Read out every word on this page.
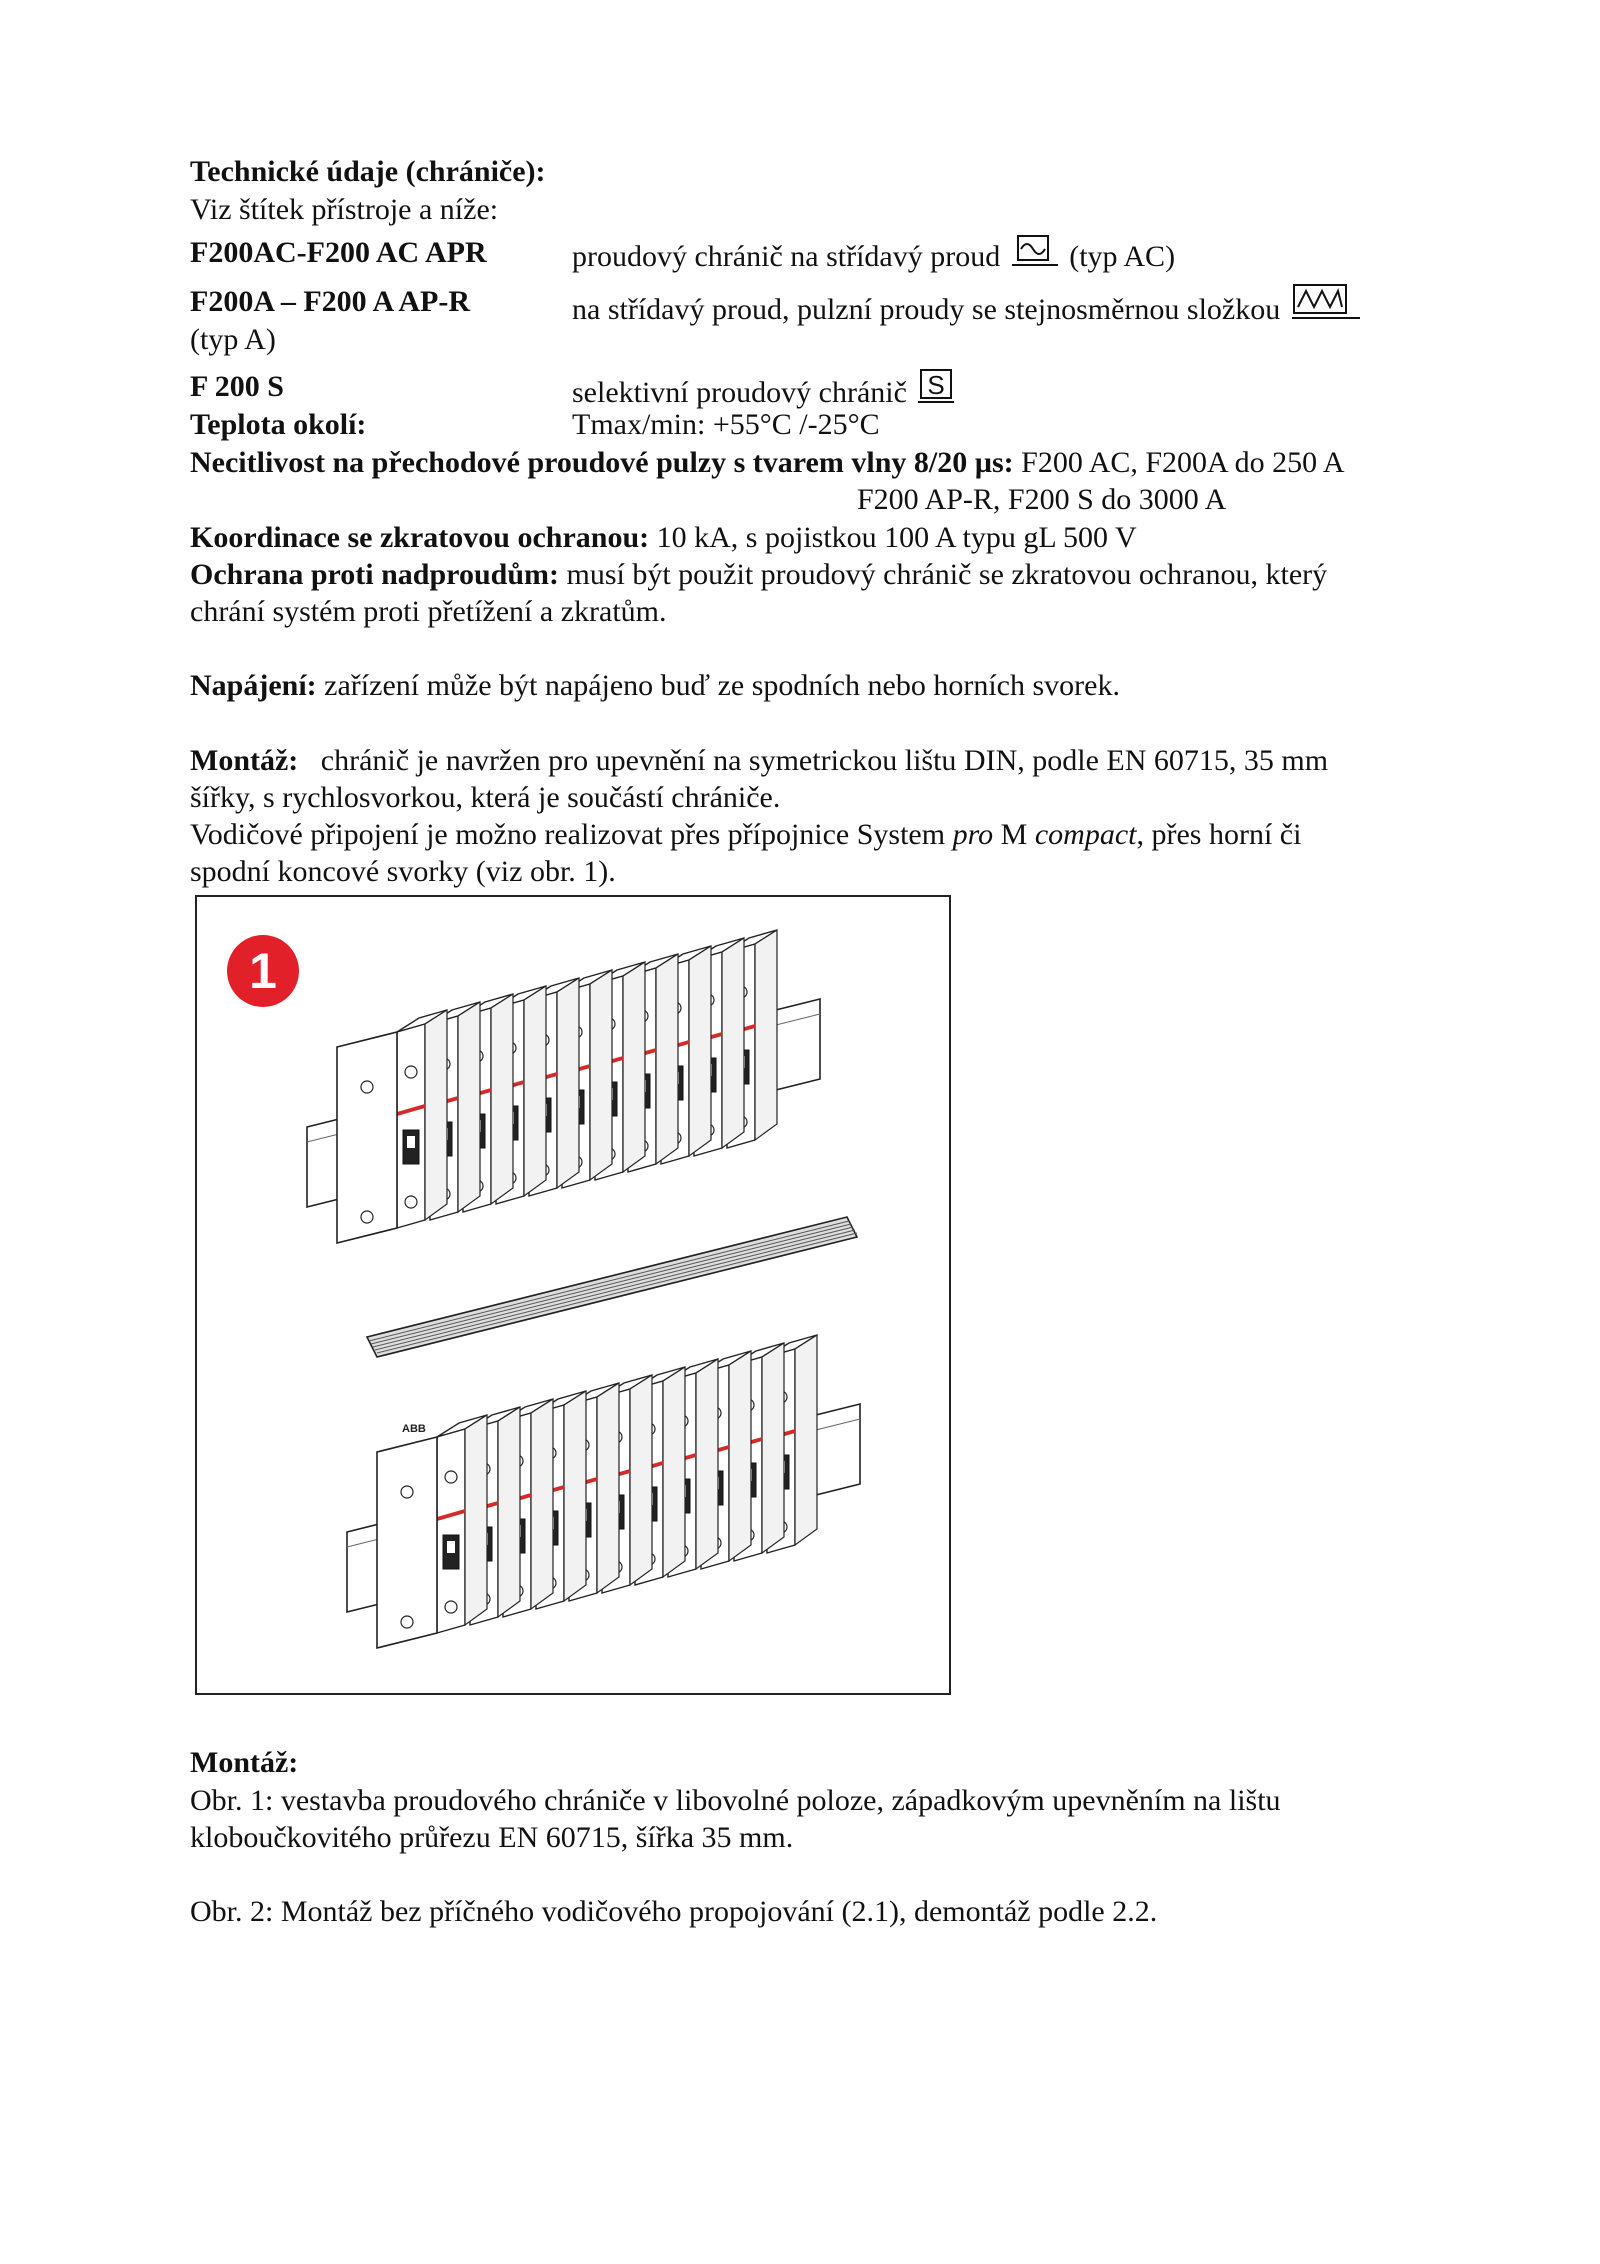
Technické údaje (chrániče):
Viz štítek přístroje a níže:
F200AC-F200 AC APR	proudový chránič na střídavý proud (typ AC)
F200A – F200 A AP-R	na střídavý proud, pulzní proudy se stejnosměrnou složkou
(typ A)
F 200 S	selektivní proudový chránič S
Teplota okolí:	Tmax/min: +55°C /-25°C
Necitlivost na přechodové proudové pulzy s tvarem vlny 8/20 µs: F200 AC, F200A do 250 A
F200 AP-R, F200 S do 3000 A
Koordinace se zkratovou ochranou: 10 kA, s pojistkou 100 A typu gL 500 V
Ochrana proti nadproudům: musí být použit proudový chránič se zkratovou ochranou, který
chrání systém proti přetížení a zkratům.
Napájení: zařízení může být napájeno buď ze spodních nebo horních svorek.
Montáž: chránič je navržen pro upevnění na symetrickou lištu DIN, podle EN 60715, 35 mm
šířky, s rychlosvorkou, která je součástí chrániče.
Vodičové připojení je možno realizovat přes přípojnice System pro M compact, přes horní či
spodní koncové svorky (viz obr. 1).
ABB
1
Montáž:
Obr. 1: vestavba proudového chrániče v libovolné poloze, západkovým upevněním na lištu
kloboučkovitého průřezu EN 60715, šířka 35 mm.
Obr. 2: Montáž bez příčného vodičového propojování (2.1), demontáž podle 2.2.
